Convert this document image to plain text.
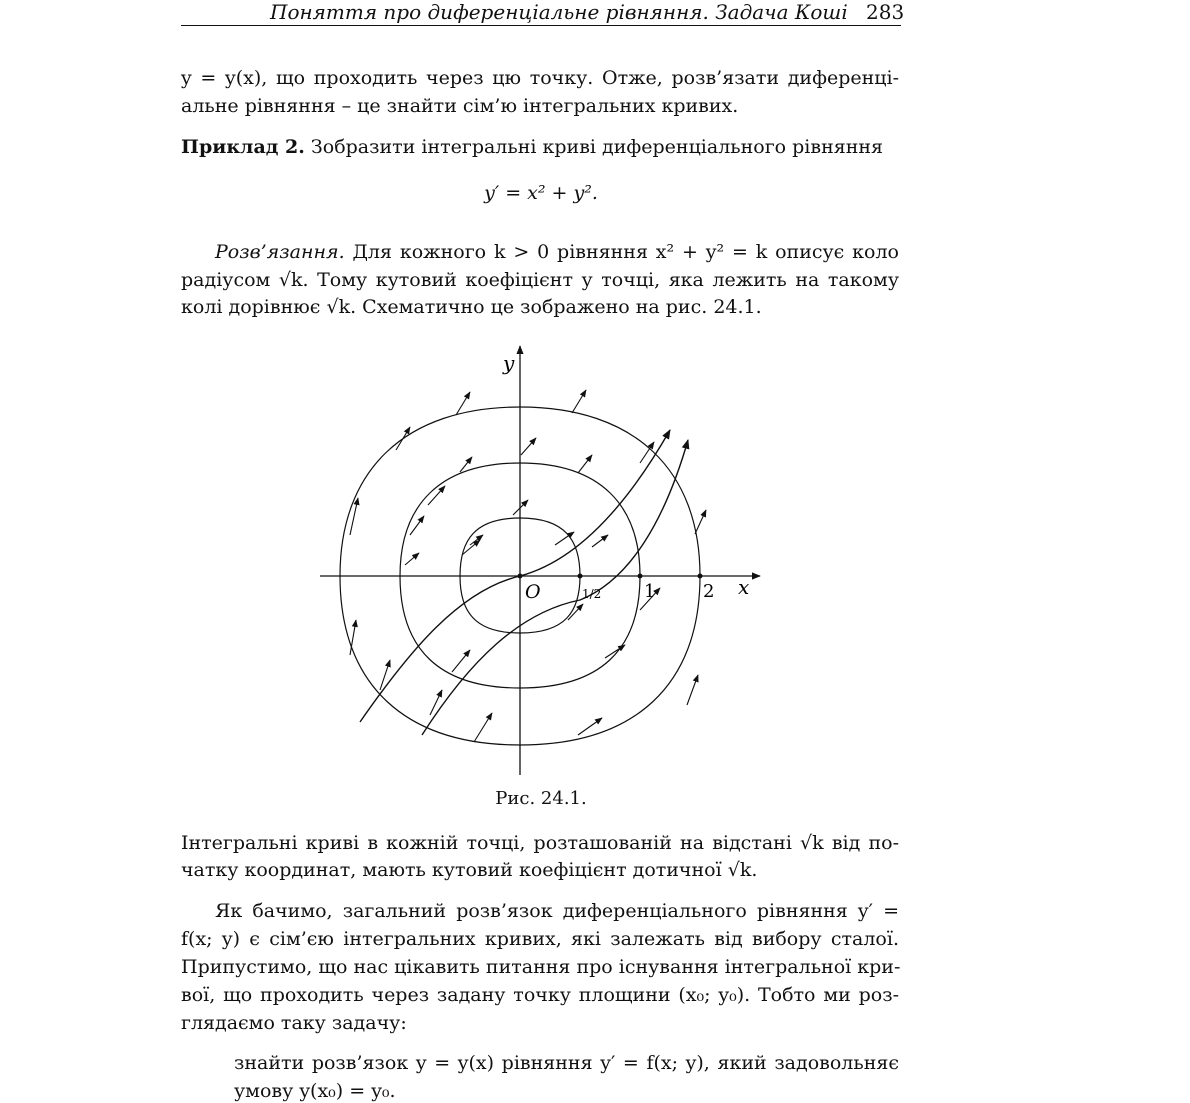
Поняття про диференціальне рівняння. Задача Коші 283
y = y(x), що проходить через цю точку. Отже, розв’язати диференці-
альне рівняння – це знайти сім’ю інтегральних кривих.
Приклад 2. Зобразити інтегральні криві диференціального рівняння
y′ = x² + y².
Розв’язання. Для кожного k > 0 рівняння x² + y² = k описує коло
радіусом √k. Тому кутовий коефіцієнт у точці, яка лежить на такому
колі дорівнює √k. Схематично це зображено на рис. 24.1.
y
x
O	1/2 1	2
Рис. 24.1.
Інтегральні криві в кожній точці, розташованій на відстані √k від по-
чатку координат, мають кутовий коефіцієнт дотичної √k.
Як бачимо, загальний розв’язок диференціального рівняння y′ =
f(x; y) є сім’єю інтегральних кривих, які залежать від вибору сталої.
Припустимо, що нас цікавить питання про існування інтегральної кри-
вої, що проходить через задану точку площини (x₀; y₀). Тобто ми роз-
глядаємо таку задачу:
знайти розв’язок y = y(x) рівняння y′ = f(x; y), який задовольняє
умову y(x₀) = y₀.
